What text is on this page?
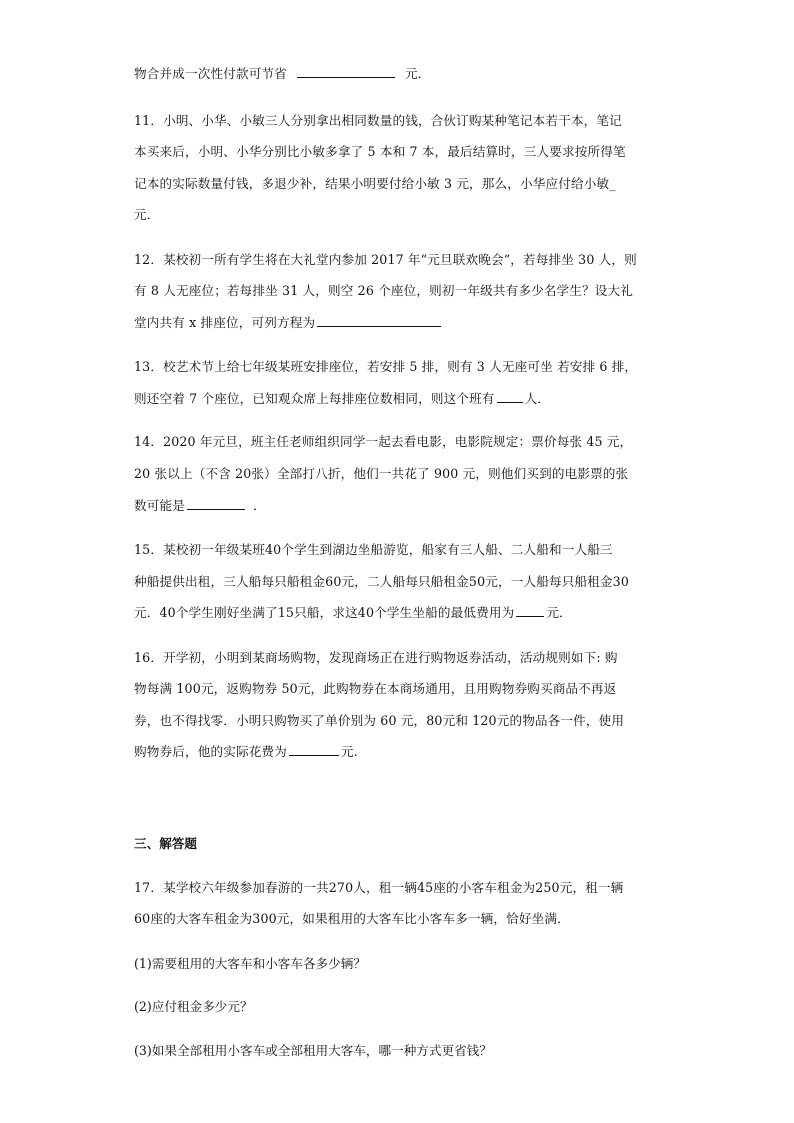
物合并成一次性付款可节省	元．
11．小明、小华、小敏三人分别拿出相同数量的钱，合伙订购某种笔记本若干本，笔记
本买来后，小明、小华分别比小敏多拿了 5 本和 7 本，最后结算时，三人要求按所得笔
记本的实际数量付钱，多退少补，结果小明要付给小敏 3 元，那么，小华应付给小敏_
元．
12．某校初一所有学生将在大礼堂内参加 2017 年“元旦联欢晚会”，若每排坐 30 人，则
有 8 人无座位；若每排坐 31 人，则空 26 个座位，则初一年级共有多少名学生？设大礼
堂内共有 x 排座位，可列方程为
13．校艺术节上给七年级某班安排座位，若安排 5 排，则有 3 人无座可坐 若安排 6 排，
则还空着 7 个座位，已知观众席上每排座位数相同，则这个班有 人．
14．2020 年元旦，班主任老师组织同学一起去看电影，电影院规定：票价每张 45 元，
20 张以上（不含 20张）全部打八折，他们一共花了 900 元，则他们买到的电影票的张
数可能是	．
15．某校初一年级某班40个学生到湖边坐船游览，船家有三人船、二人船和一人船三
种船提供出租，三人船每只船租金60元，二人船每只船租金50元，一人船每只船租金30
元．40个学生刚好坐满了15只船，求这40个学生坐船的最低费用为	元．
16．开学初，小明到某商场购物，发现商场正在进行购物返券活动，活动规则如下: 购
物每满 100元，返购物券 50元，此购物券在本商场通用，且用购物券购买商品不再返
券，也不得找零．小明只购物买了单价别为 60 元，80元和 120元的物品各一件，使用
购物券后，他的实际花费为	元.
三、解答题
17．某学校六年级参加春游的一共270人，租一辆45座的小客车租金为250元，租一辆
60座的大客车租金为300元，如果租用的大客车比小客车多一辆，恰好坐满．
(1)需要租用的大客车和小客车各多少辆？
(2)应付租金多少元？
(3)如果全部租用小客车或全部租用大客车，哪一种方式更省钱？
